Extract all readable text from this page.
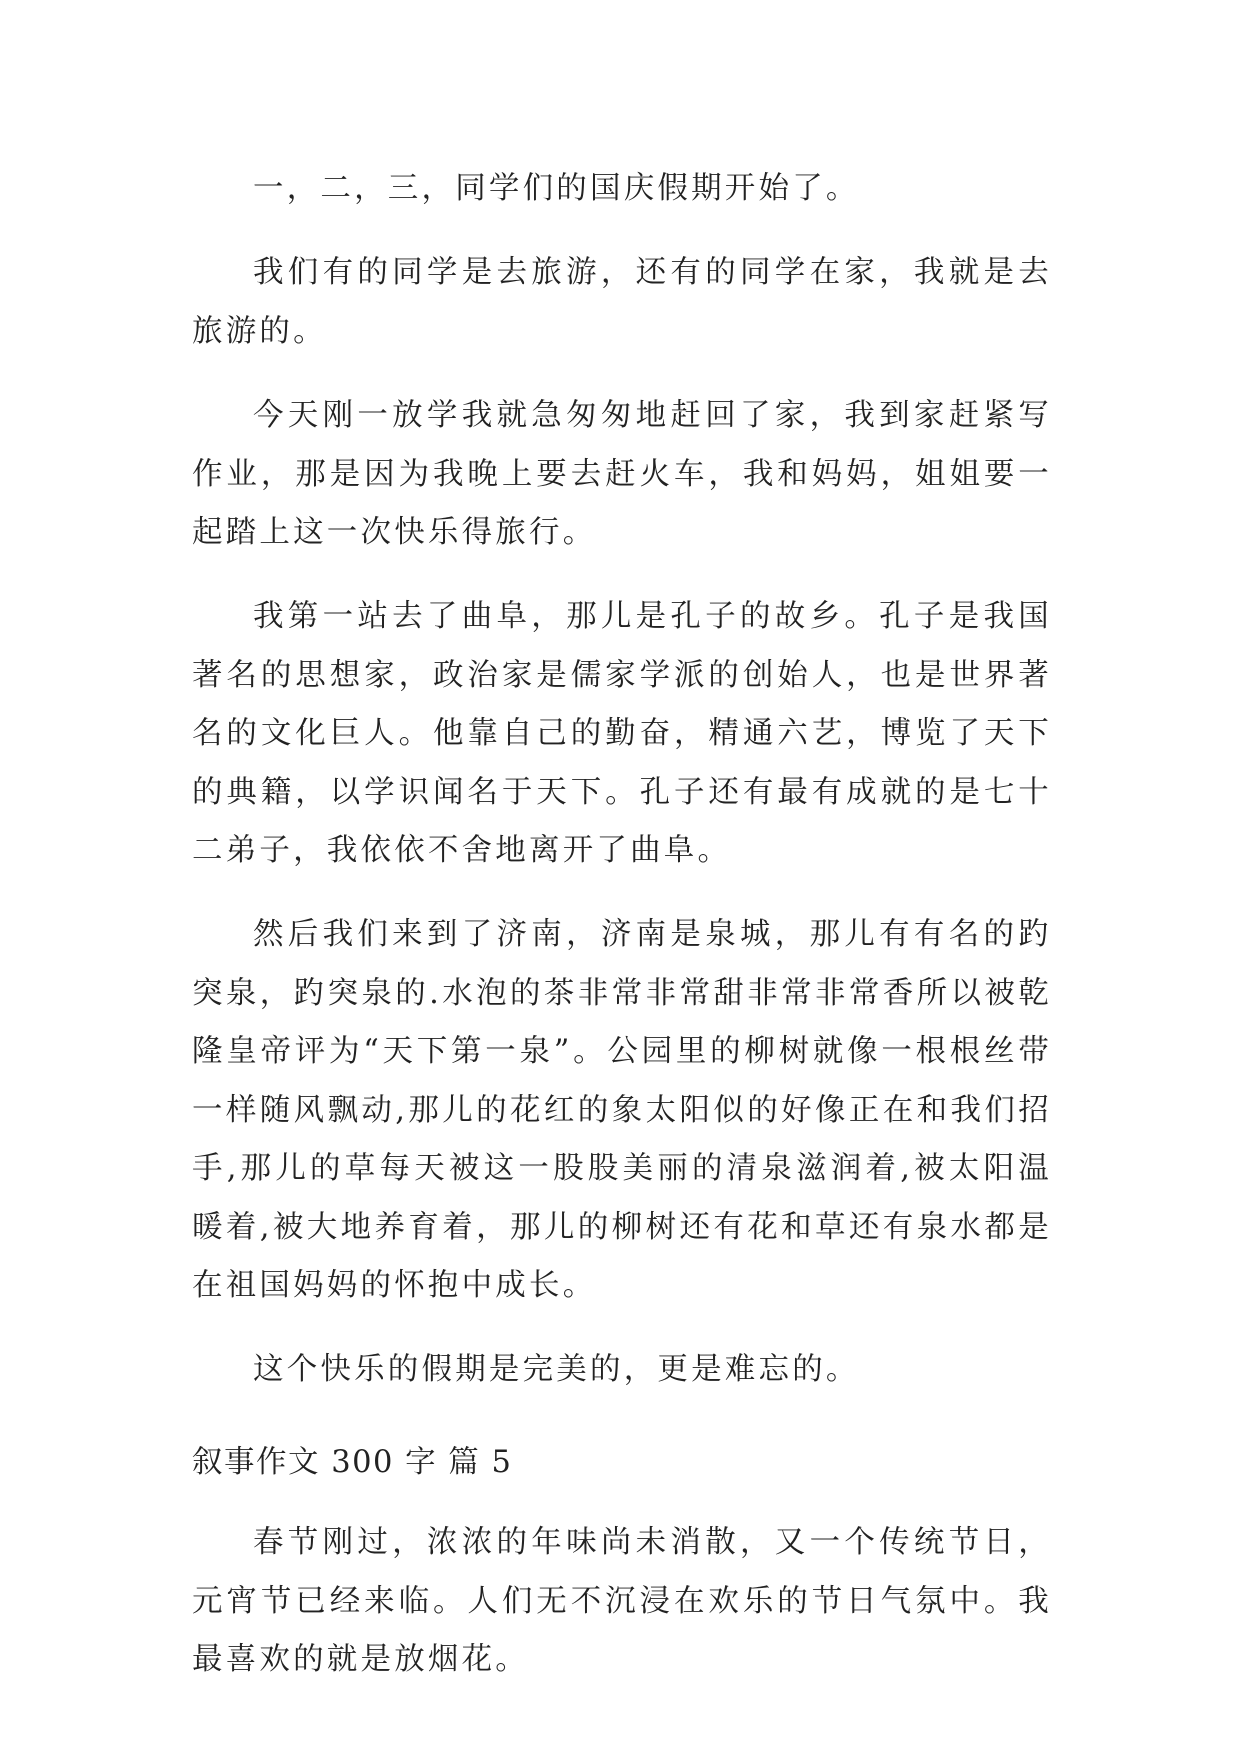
一，二，三，同学们的国庆假期开始了。

我们有的同学是去旅游，还有的同学在家，我就是去旅游的。

今天刚一放学我就急匆匆地赶回了家，我到家赶紧写作业，那是因为我晚上要去赶火车，我和妈妈，姐姐要一起踏上这一次快乐得旅行。

我第一站去了曲阜，那儿是孔子的故乡。孔子是我国著名的思想家，政治家是儒家学派的创始人，也是世界著名的文化巨人。他靠自己的勤奋，精通六艺，博览了天下的典籍，以学识闻名于天下。孔子还有最有成就的是七十二弟子，我依依不舍地离开了曲阜。

然后我们来到了济南，济南是泉城，那儿有有名的趵突泉，趵突泉的.水泡的茶非常非常甜非常非常香所以被乾隆皇帝评为“天下第一泉”。公园里的柳树就像一根根丝带一样随风飘动,那儿的花红的象太阳似的好像正在和我们招手,那儿的草每天被这一股股美丽的清泉滋润着,被太阳温暖着,被大地养育着，那儿的柳树还有花和草还有泉水都是在祖国妈妈的怀抱中成长。

这个快乐的假期是完美的，更是难忘的。

叙事作文 300 字 篇 5

春节刚过，浓浓的年味尚未消散，又一个传统节日，元宵节已经来临。人们无不沉浸在欢乐的节日气氛中。我最喜欢的就是放烟花。
